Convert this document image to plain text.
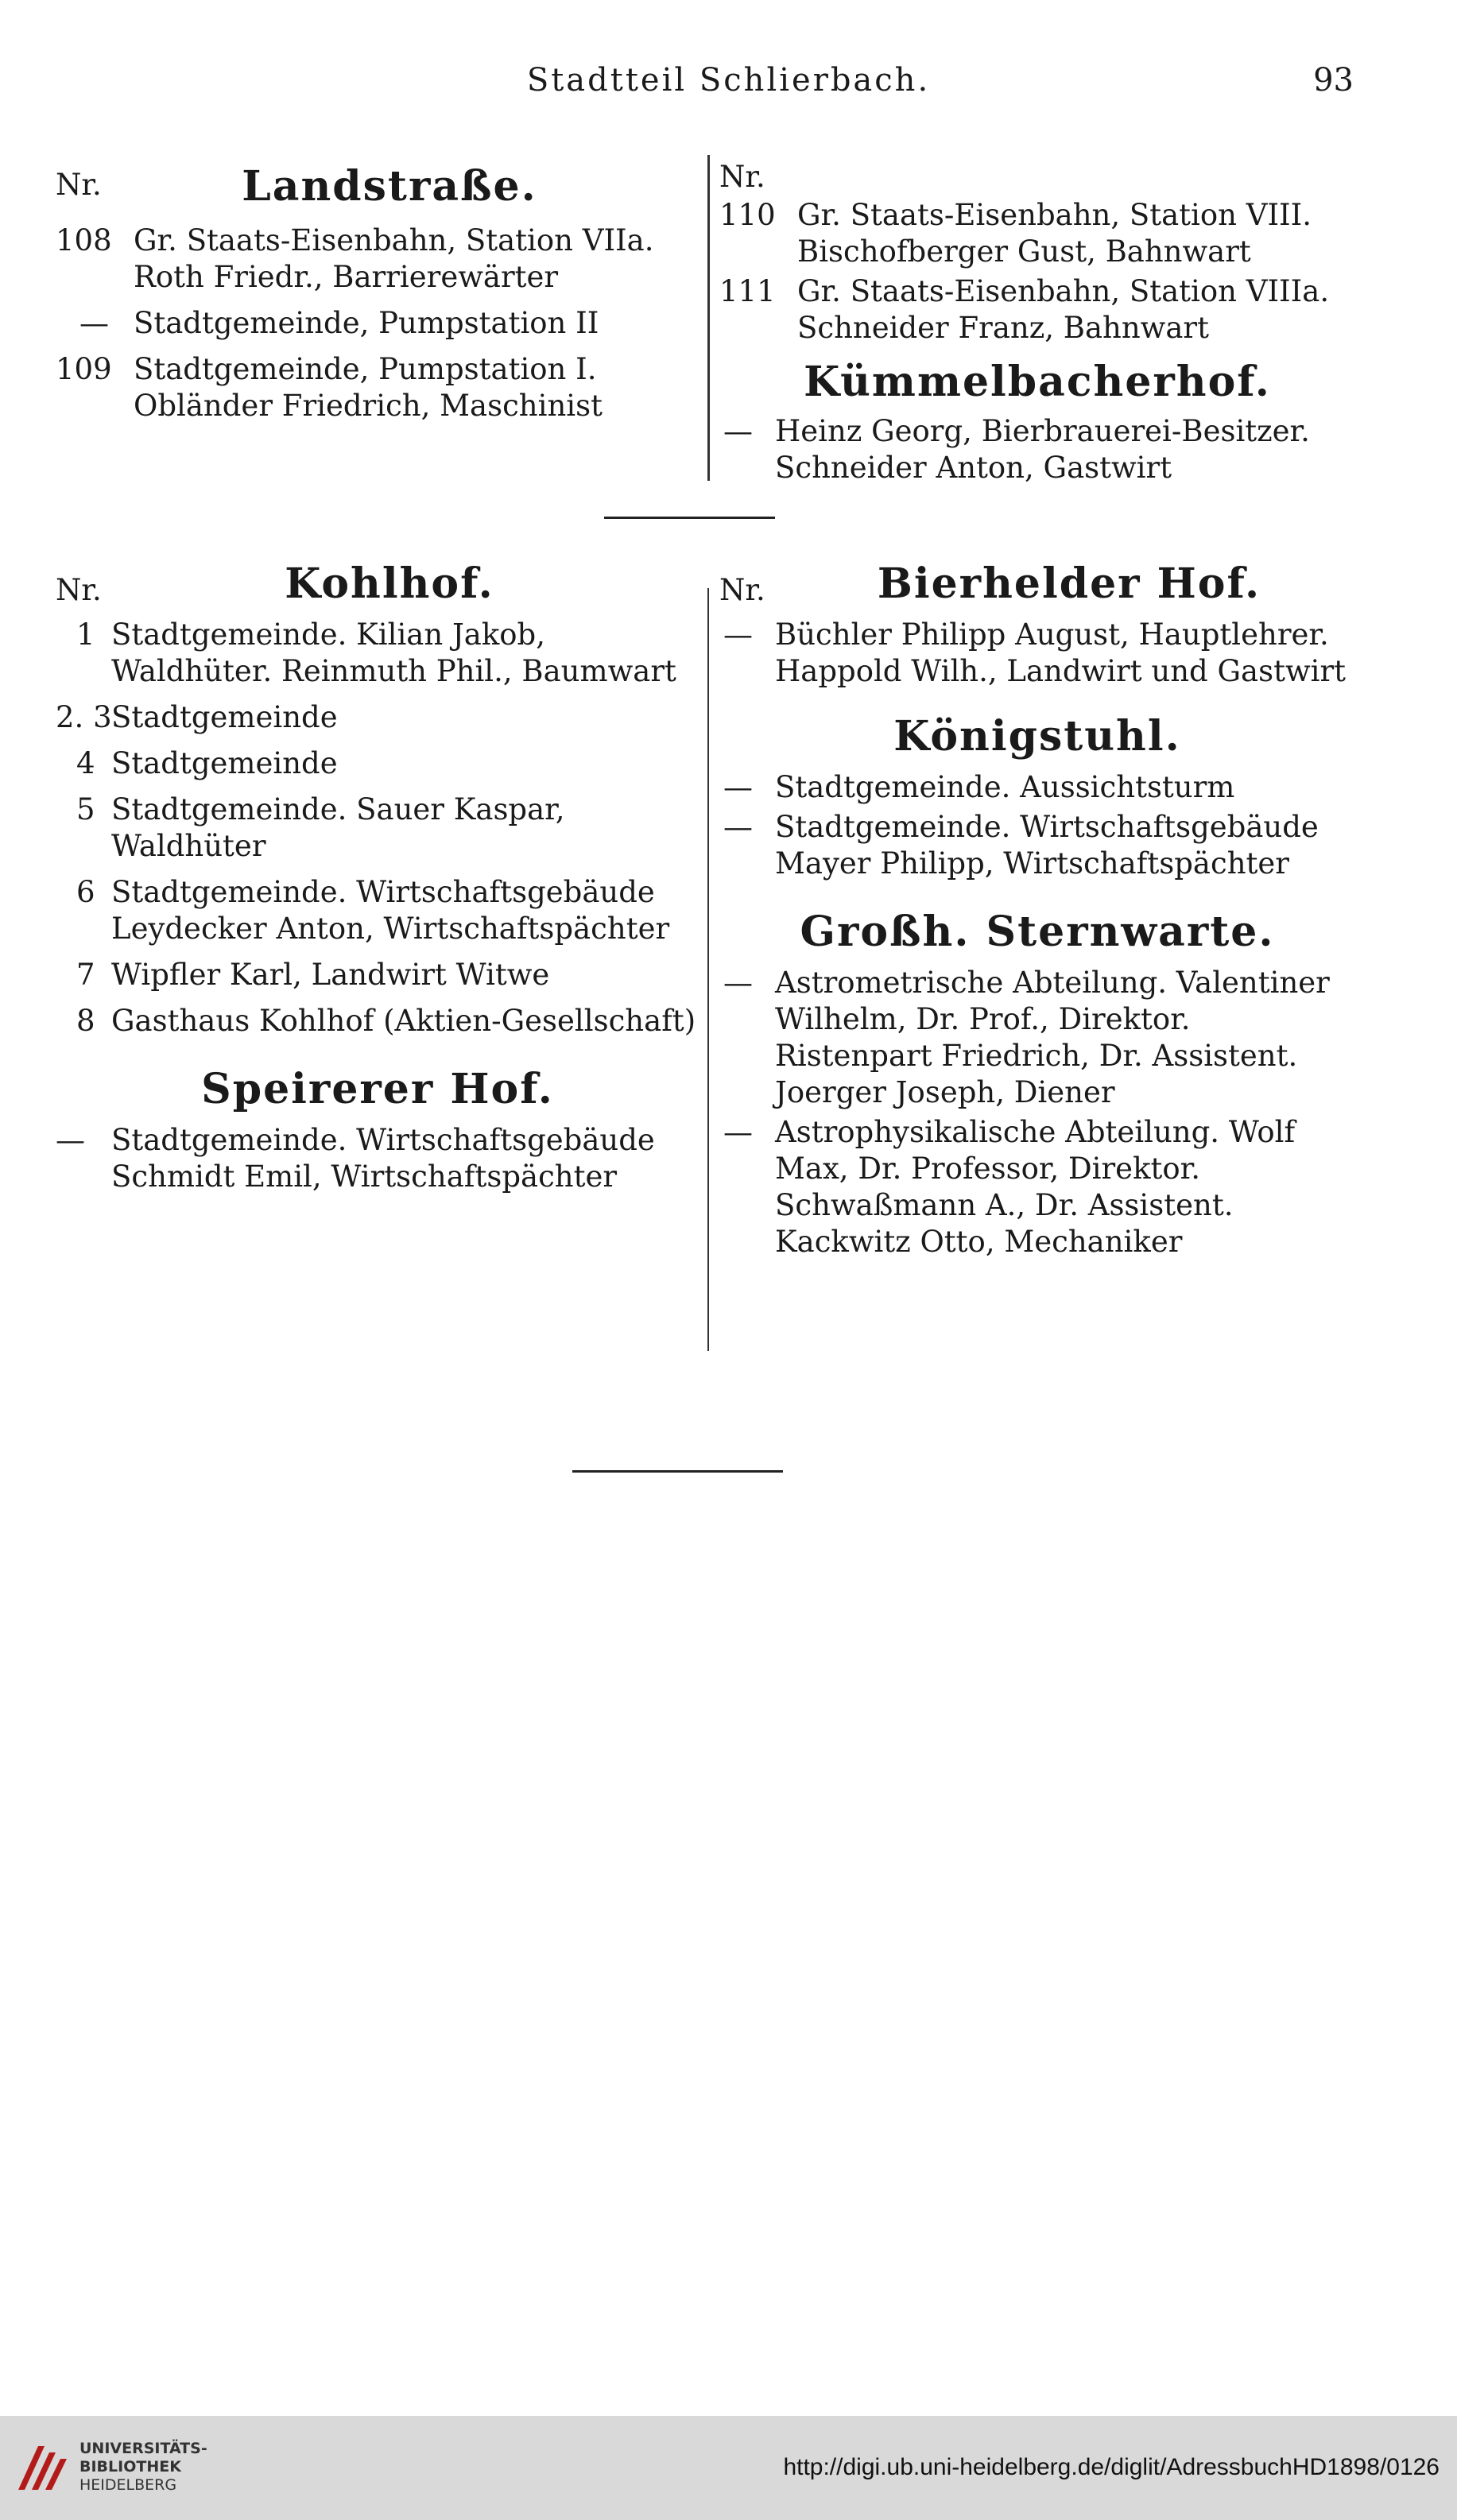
Stadtteil Schlierbach.	93
Nr.	Landstraße.
108 Gr. Staats-Eisenbahn, Station VIIa. Roth Friedr., Barrierewärter
— Stadtgemeinde, Pumpstation II
109 Stadtgemeinde, Pumpstation I. Obländer Friedrich, Maschinist
Nr.
110 Gr. Staats-Eisenbahn, Station VIII. Bischofberger Gust, Bahnwart
111 Gr. Staats-Eisenbahn, Station VIIIa. Schneider Franz, Bahnwart
Kümmelbacherhof.
— Heinz Georg, Bierbrauerei-Besitzer. Schneider Anton, Gastwirt
Nr.	Kohlhof.
1 Stadtgemeinde. Kilian Jakob, Waldhüter. Reinmuth Phil., Baumwart
2. 3 Stadtgemeinde
4 Stadtgemeinde
5 Stadtgemeinde. Sauer Kaspar, Waldhüter
6 Stadtgemeinde. Wirtschaftsgebäude Leydecker Anton, Wirtschaftspächter
7 Wipfler Karl, Landwirt Witwe
8 Gasthaus Kohlhof (Aktien-Gesellschaft)
Speirerer Hof.
— Stadtgemeinde. Wirtschaftsgebäude Schmidt Emil, Wirtschaftspächter
Nr.	Bierhelder Hof.
— Büchler Philipp August, Hauptlehrer. Happold Wilh., Landwirt und Gastwirt
Königstuhl.
— Stadtgemeinde. Aussichtsturm
— Stadtgemeinde. Wirtschaftsgebäude Mayer Philipp, Wirtschaftspächter
Großh. Sternwarte.
— Astrometrische Abteilung. Valentiner Wilhelm, Dr. Prof., Direktor. Ristenpart Friedrich, Dr. Assistent. Joerger Joseph, Diener
— Astrophysikalische Abteilung. Wolf Max, Dr. Professor, Direktor. Schwaßmann A., Dr. Assistent. Kackwitz Otto, Mechaniker
UNIVERSITÄTS-
BIBLIOTHEK
HEIDELBERG
http://digi.ub.uni-heidelberg.de/diglit/AdressbuchHD1898/0126
